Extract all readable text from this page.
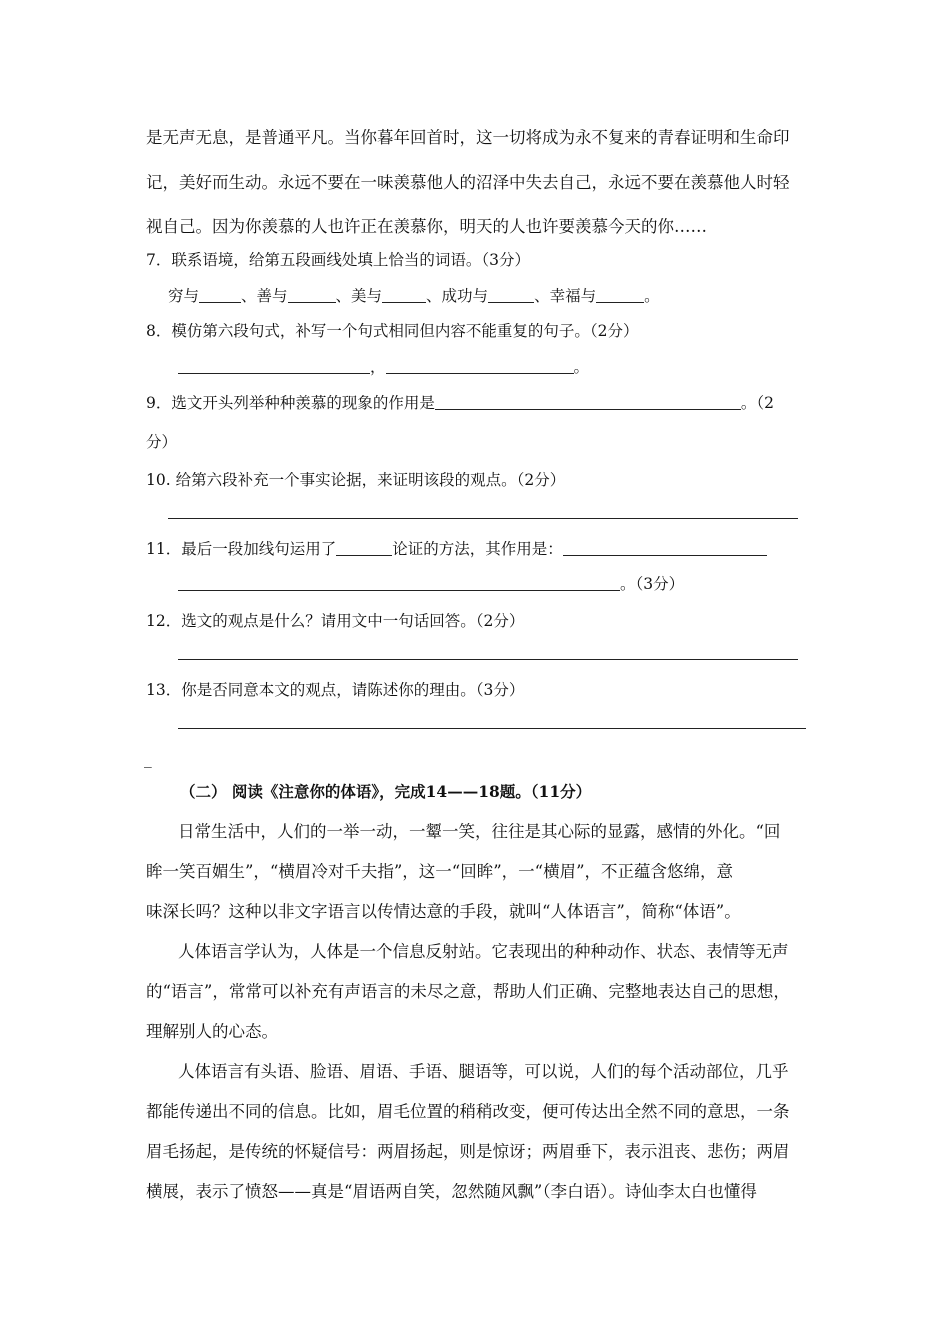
是无声无息，是普通平凡。当你暮年回首时，这一切将成为永不复来的青春证明和生命印
记，美好而生动。永远不要在一味羡慕他人的沼泽中失去自己，永远不要在羡慕他人时轻
视自己。因为你羡慕的人也许正在羡慕你，明天的人也许要羡慕今天的你……
7．联系语境，给第五段画线处填上恰当的词语。（3分）
穷与	、善与	、美与	、成功与	、幸福与	。
8．模仿第六段句式，补写一个句式相同但内容不能重复的句子。（2分）
，	。
9．选文开头列举种种羡慕的现象的作用是	。（2
分）
10. 给第六段补充一个事实论据，来证明该段的观点。（2分）
11．最后一段加线句运用了	论证的方法，其作用是：
。（3分）
12．选文的观点是什么？请用文中一句话回答。（2分）
13．你是否同意本文的观点，请陈述你的理由。（3分）
_
（二） 阅读《注意你的体语》，完成14——18题。（11分）
日常生活中，人们的一举一动，一颦一笑，往往是其心际的显露，感情的外化。“回
眸一笑百媚生”，“横眉冷对千夫指”，这一“回眸”，一“横眉”，不正蕴含悠绵，意
味深长吗？这种以非文字语言以传情达意的手段，就叫“人体语言”，简称“体语”。
人体语言学认为，人体是一个信息反射站。它表现出的种种动作、状态、表情等无声
的“语言”，常常可以补充有声语言的未尽之意，帮助人们正确、完整地表达自己的思想，
理解别人的心态。
人体语言有头语、脸语、眉语、手语、腿语等，可以说，人们的每个活动部位，几乎
都能传递出不同的信息。比如，眉毛位置的稍稍改变，便可传达出全然不同的意思，一条
眉毛扬起，是传统的怀疑信号：两眉扬起，则是惊讶；两眉垂下，表示沮丧、悲伤；两眉
横展，表示了愤怒——真是“眉语两自笑，忽然随风飘”（李白语）。诗仙李太白也懂得
